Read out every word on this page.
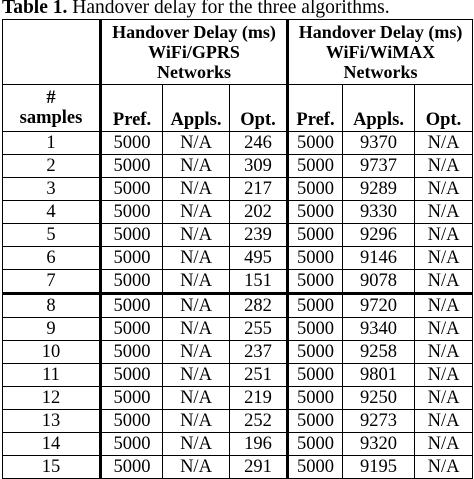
Table 1. Handover delay for the three algorithms.

	Handover Delay (ms)
WiFi/GPRS
Networks			Handover Delay (ms)
WiFi/WiMAX
Networks		

#
samples	Pref.	Appls.	Opt.	Pref.	Appls.	Opt.
1	5000	N/A	246	5000	9370	N/A
2	5000	N/A	309	5000	9737	N/A
3	5000	N/A	217	5000	9289	N/A
4	5000	N/A	202	5000	9330	N/A
5	5000	N/A	239	5000	9296	N/A
6	5000	N/A	495	5000	9146	N/A
7	5000	N/A	151	5000	9078	N/A
8	5000	N/A	282	5000	9720	N/A
9	5000	N/A	255	5000	9340	N/A
10	5000	N/A	237	5000	9258	N/A
11	5000	N/A	251	5000	9801	N/A
12	5000	N/A	219	5000	9250	N/A
13	5000	N/A	252	5000	9273	N/A
14	5000	N/A	196	5000	9320	N/A
15	5000	N/A	291	5000	9195	N/A
